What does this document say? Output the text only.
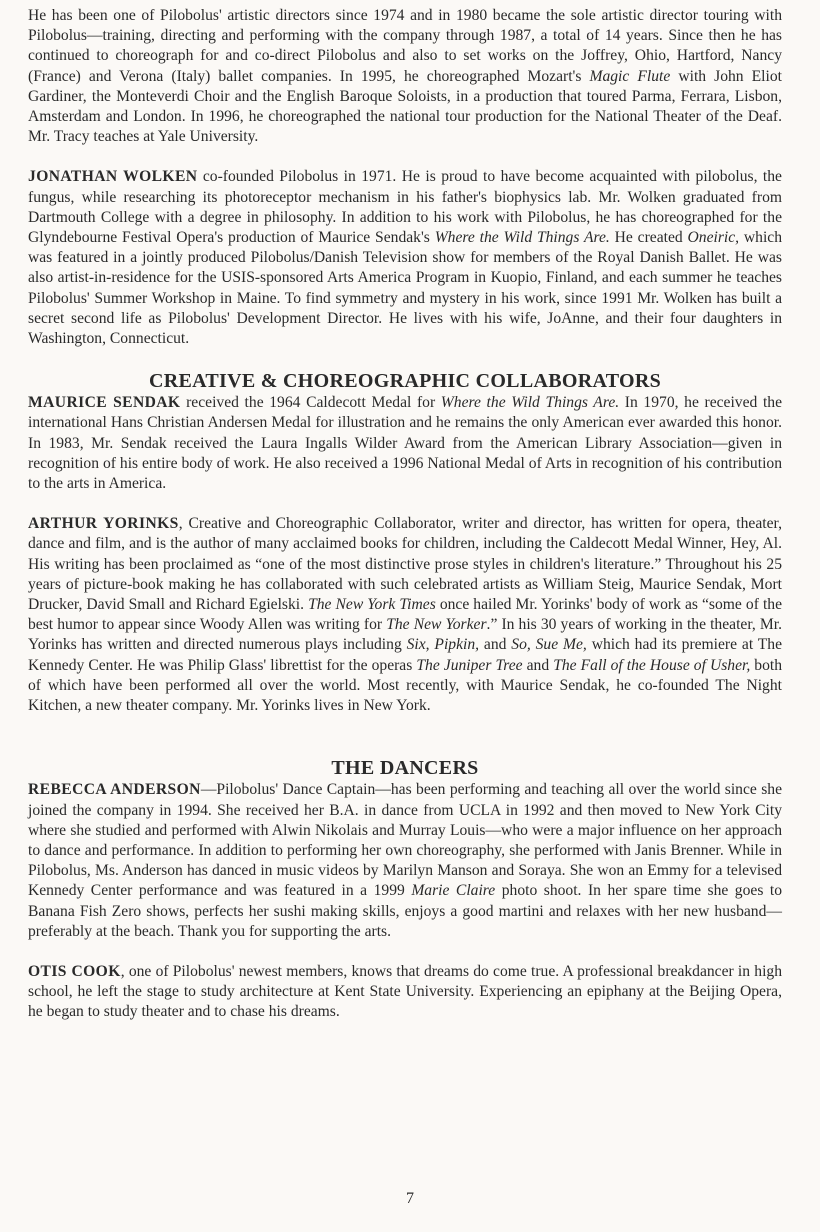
He has been one of Pilobolus' artistic directors since 1974 and in 1980 became the sole artistic director touring with Pilobolus—training, directing and performing with the company through 1987, a total of 14 years. Since then he has continued to choreograph for and co-direct Pilobolus and also to set works on the Joffrey, Ohio, Hartford, Nancy (France) and Verona (Italy) ballet companies. In 1995, he choreographed Mozart's Magic Flute with John Eliot Gardiner, the Monteverdi Choir and the English Baroque Soloists, in a production that toured Parma, Ferrara, Lisbon, Amsterdam and London. In 1996, he choreographed the national tour production for the National Theater of the Deaf. Mr. Tracy teaches at Yale University.

JONATHAN WOLKEN co-founded Pilobolus in 1971. He is proud to have become acquainted with pilobolus, the fungus, while researching its photoreceptor mechanism in his father's biophysics lab. Mr. Wolken graduated from Dartmouth College with a degree in philosophy. In addition to his work with Pilobolus, he has choreographed for the Glyndebourne Festival Opera's production of Maurice Sendak's Where the Wild Things Are. He created Oneiric, which was featured in a jointly produced Pilobolus/Danish Television show for members of the Royal Danish Ballet. He was also artist-in-residence for the USIS-sponsored Arts America Program in Kuopio, Finland, and each summer he teaches Pilobolus' Summer Workshop in Maine. To find symmetry and mystery in his work, since 1991 Mr. Wolken has built a secret second life as Pilobolus' Development Director. He lives with his wife, JoAnne, and their four daughters in Washington, Connecticut.

CREATIVE & CHOREOGRAPHIC COLLABORATORS

MAURICE SENDAK received the 1964 Caldecott Medal for Where the Wild Things Are. In 1970, he received the international Hans Christian Andersen Medal for illustration and he remains the only American ever awarded this honor. In 1983, Mr. Sendak received the Laura Ingalls Wilder Award from the American Library Association—given in recognition of his entire body of work. He also received a 1996 National Medal of Arts in recognition of his contribution to the arts in America.

ARTHUR YORINKS, Creative and Choreographic Collaborator, writer and director, has written for opera, theater, dance and film, and is the author of many acclaimed books for children, including the Caldecott Medal Winner, Hey, Al. His writing has been proclaimed as “one of the most distinctive prose styles in children's literature.” Throughout his 25 years of picture-book making he has collaborated with such celebrated artists as William Steig, Maurice Sendak, Mort Drucker, David Small and Richard Egielski. The New York Times once hailed Mr. Yorinks' body of work as “some of the best humor to appear since Woody Allen was writing for The New Yorker.” In his 30 years of working in the theater, Mr. Yorinks has written and directed numerous plays including Six, Pipkin, and So, Sue Me, which had its premiere at The Kennedy Center. He was Philip Glass' librettist for the operas The Juniper Tree and The Fall of the House of Usher, both of which have been performed all over the world. Most recently, with Maurice Sendak, he co-founded The Night Kitchen, a new theater company. Mr. Yorinks lives in New York.

THE DANCERS

REBECCA ANDERSON—Pilobolus' Dance Captain—has been performing and teaching all over the world since she joined the company in 1994. She received her B.A. in dance from UCLA in 1992 and then moved to New York City where she studied and performed with Alwin Nikolais and Murray Louis—who were a major influence on her approach to dance and performance. In addition to performing her own choreography, she performed with Janis Brenner. While in Pilobolus, Ms. Anderson has danced in music videos by Marilyn Manson and Soraya. She won an Emmy for a televised Kennedy Center performance and was featured in a 1999 Marie Claire photo shoot. In her spare time she goes to Banana Fish Zero shows, perfects her sushi making skills, enjoys a good martini and relaxes with her new husband—preferably at the beach. Thank you for supporting the arts.

OTIS COOK, one of Pilobolus' newest members, knows that dreams do come true. A professional breakdancer in high school, he left the stage to study architecture at Kent State University. Experiencing an epiphany at the Beijing Opera, he began to study theater and to chase his dreams.

7
